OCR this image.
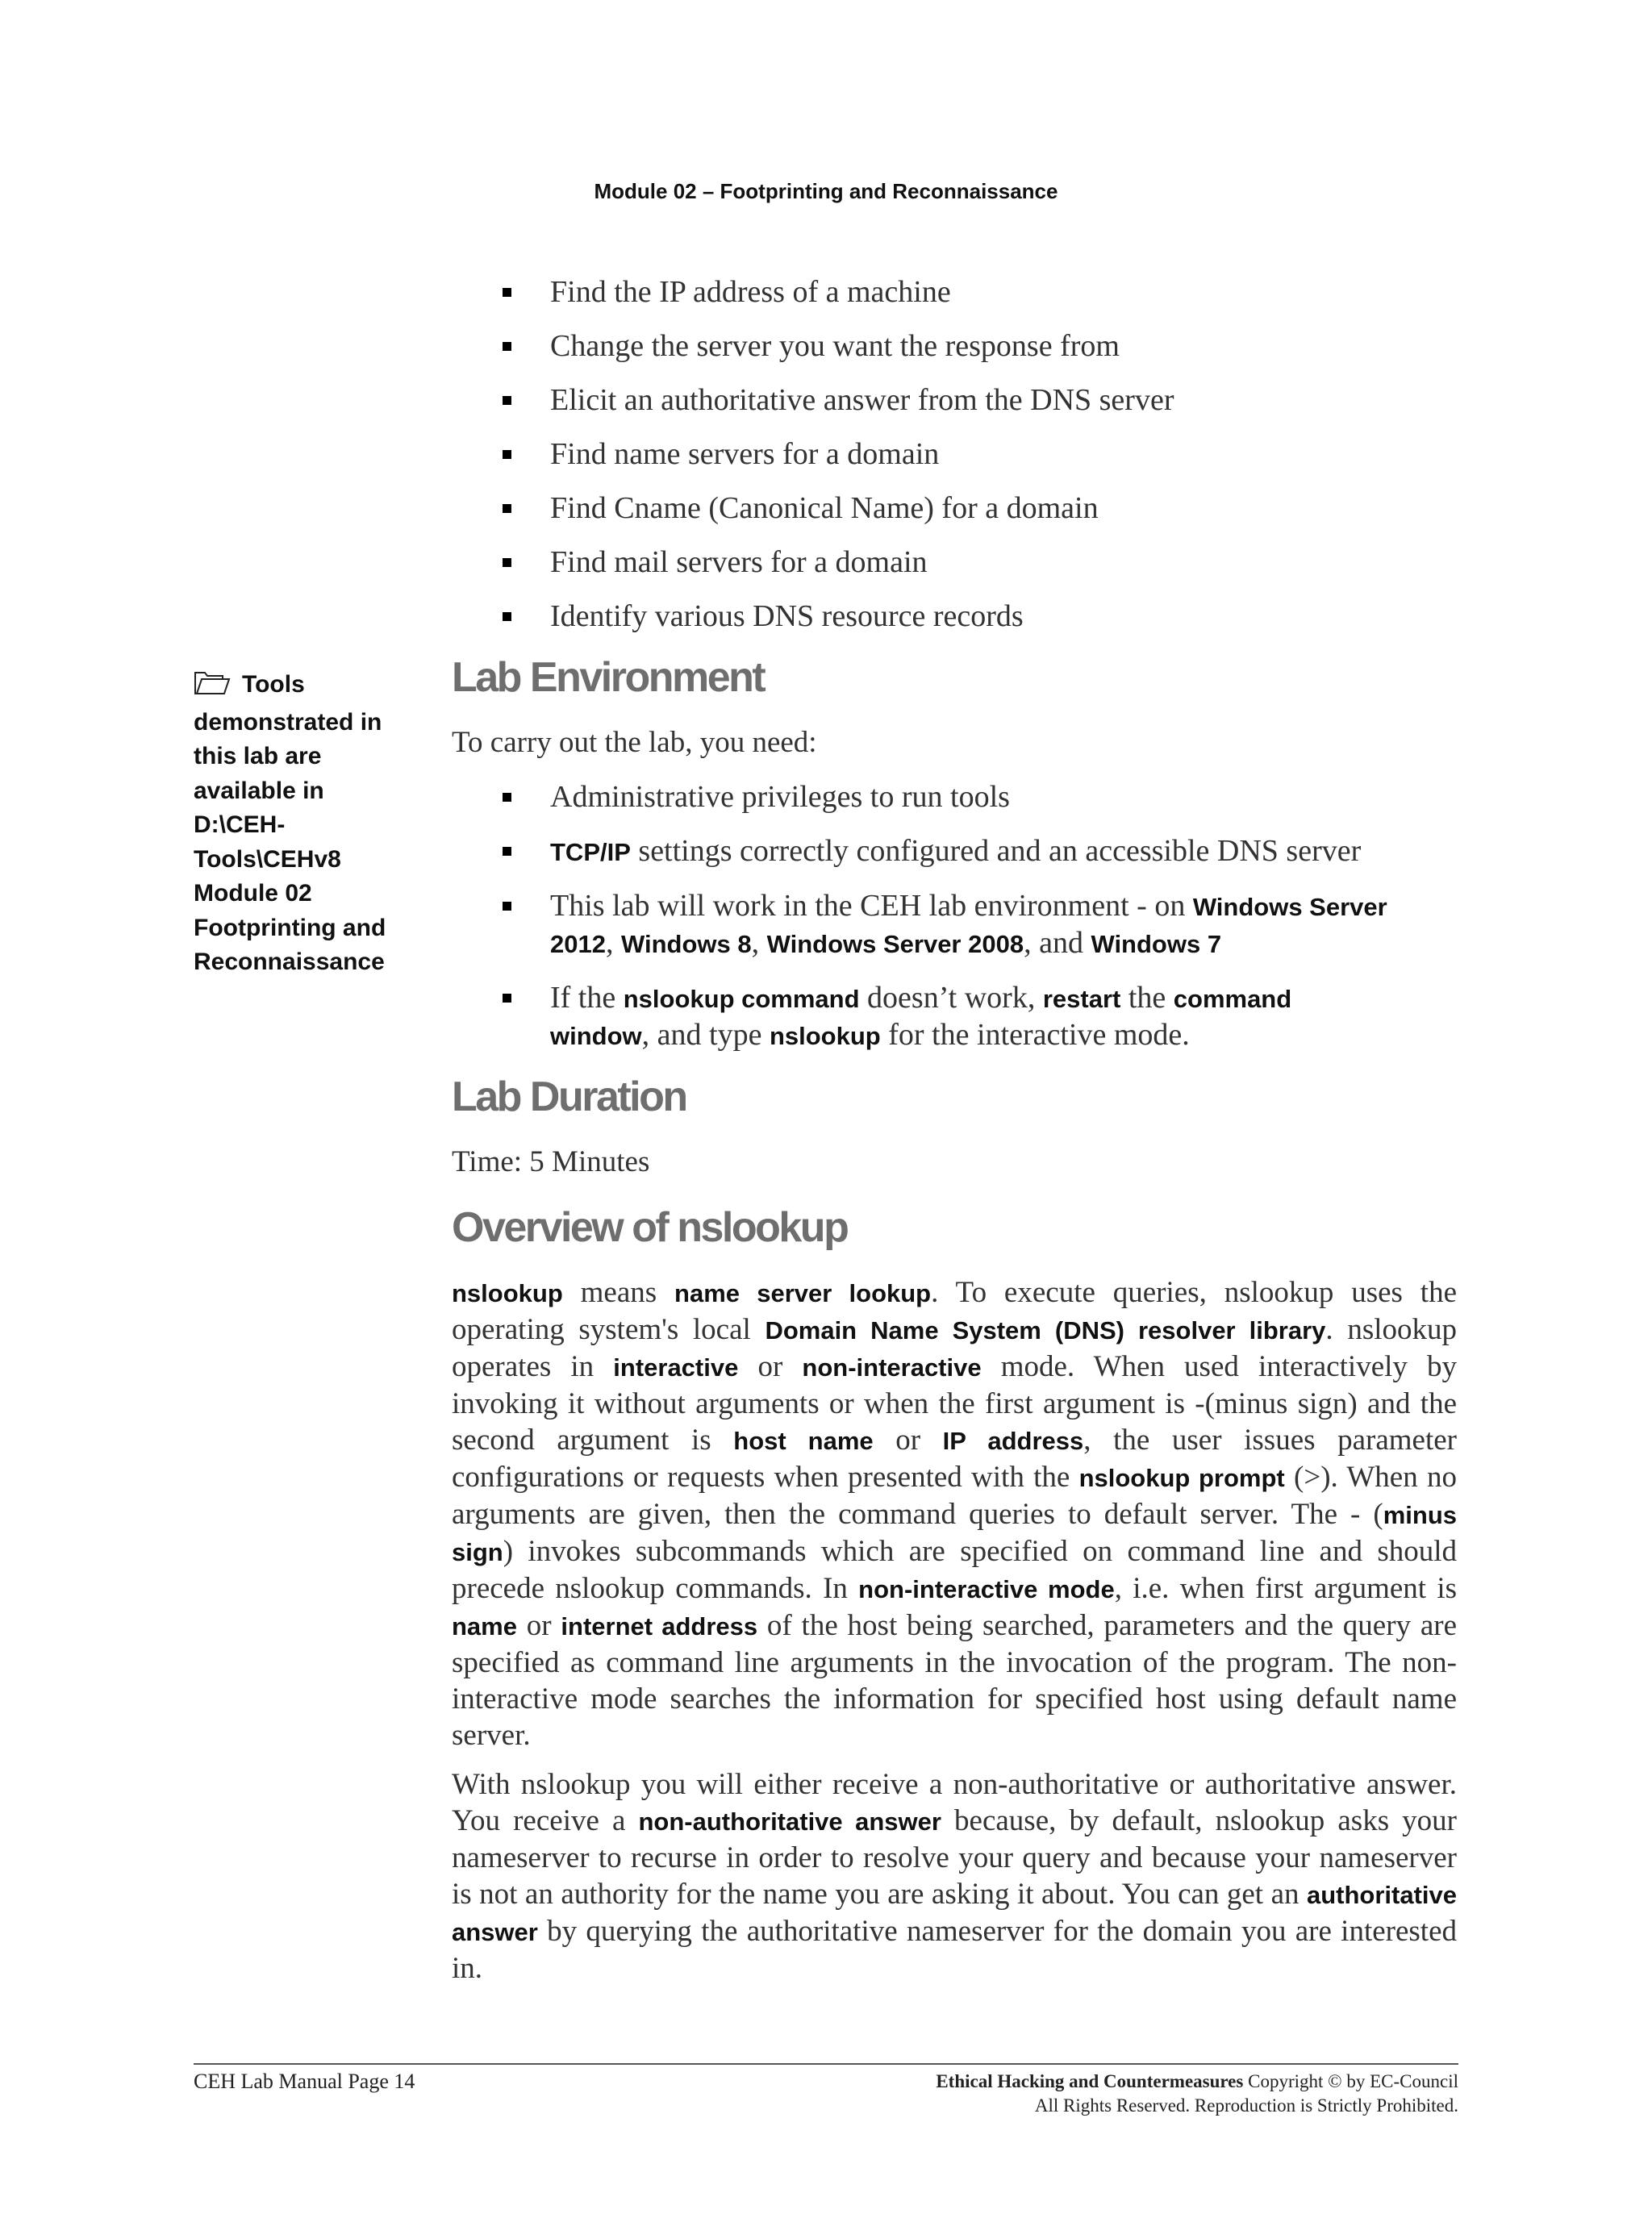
Module 02 – Footprinting and Reconnaissance
Find the IP address of a machine
Change the server you want the response from
Elicit an authoritative answer from the DNS server
Find name servers for a domain
Find Cname (Canonical Name) for a domain
Find mail servers for a domain
Identify various DNS resource records
Tools
demonstrated in
this lab are
available in
D:\CEH-
Tools\CEHv8
Module 02
Footprinting and
Reconnaissance
Lab Environment

To carry out the lab, you need:

Administrative privileges to run tools
TCP/IP settings correctly configured and an accessible DNS server
This lab will work in the CEH lab environment - on Windows Server
2012, Windows 8, Windows Server 2008, and Windows 7
If the nslookup command doesn’t work, restart the command
window, and type nslookup for the interactive mode.
Lab Duration

Time: 5 Minutes

Overview of nslookup

nslookup means name server lookup. To execute queries, nslookup uses the operating system's local Domain Name System (DNS) resolver library. nslookup operates in interactive or non-interactive mode. When used interactively by invoking it without arguments or when the first argument is -(minus sign) and the second argument is host name or IP address, the user issues parameter configurations or requests when presented with the nslookup prompt (>). When no arguments are given, then the command queries to default server. The - (minus sign) invokes subcommands which are specified on command line and should precede nslookup commands. In non-interactive mode, i.e. when first argument is name or internet address of the host being searched, parameters and the query are specified as command line arguments in the invocation of the program. The non-interactive mode searches the information for specified host using default name server.

With nslookup you will either receive a non-authoritative or authoritative answer. You receive a non-authoritative answer because, by default, nslookup asks your nameserver to recurse in order to resolve your query and because your nameserver is not an authority for the name you are asking it about. You can get an authoritative answer by querying the authoritative nameserver for the domain you are interested in.

CEH Lab Manual Page 14	Ethical Hacking and Countermeasures Copyright © by EC-Council
All Rights Reserved. Reproduction is Strictly Prohibited.
